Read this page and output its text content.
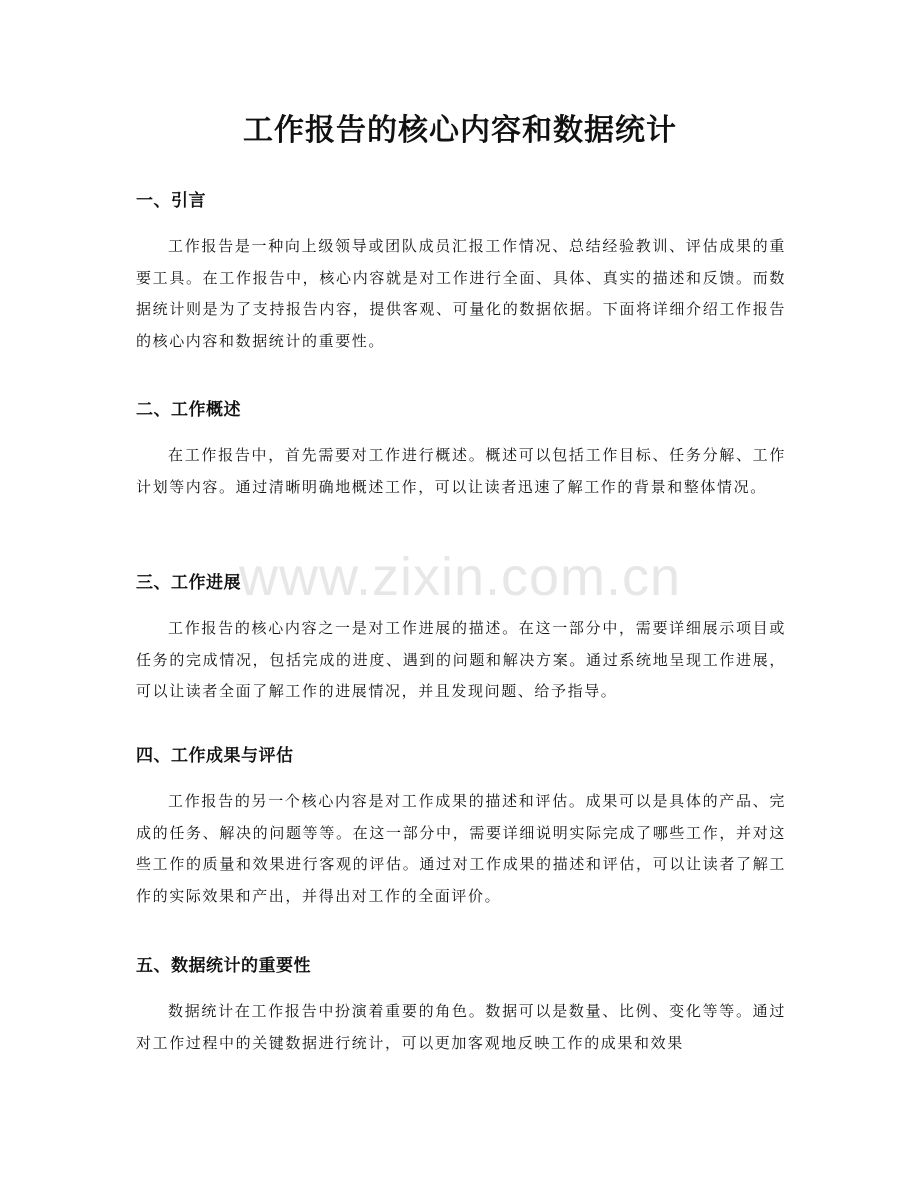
工作报告的核心内容和数据统计
一、引言

工作报告是一种向上级领导或团队成员汇报工作情况、总结经验教训、评估成果的重要工具。在工作报告中，核心内容就是对工作进行全面、具体、真实的描述和反馈。而数据统计则是为了支持报告内容，提供客观、可量化的数据依据。下面将详细介绍工作报告的核心内容和数据统计的重要性。

二、工作概述

在工作报告中，首先需要对工作进行概述。概述可以包括工作目标、任务分解、工作计划等内容。通过清晰明确地概述工作，可以让读者迅速了解工作的背景和整体情况。

三、工作进展

工作报告的核心内容之一是对工作进展的描述。在这一部分中，需要详细展示项目或任务的完成情况，包括完成的进度、遇到的问题和解决方案。通过系统地呈现工作进展，可以让读者全面了解工作的进展情况，并且发现问题、给予指导。

四、工作成果与评估

工作报告的另一个核心内容是对工作成果的描述和评估。成果可以是具体的产品、完成的任务、解决的问题等等。在这一部分中，需要详细说明实际完成了哪些工作，并对这些工作的质量和效果进行客观的评估。通过对工作成果的描述和评估，可以让读者了解工作的实际效果和产出，并得出对工作的全面评价。

五、数据统计的重要性

数据统计在工作报告中扮演着重要的角色。数据可以是数量、比例、变化等等。通过对工作过程中的关键数据进行统计，可以更加客观地反映工作的成果和效果

www.zixin.com.cn
